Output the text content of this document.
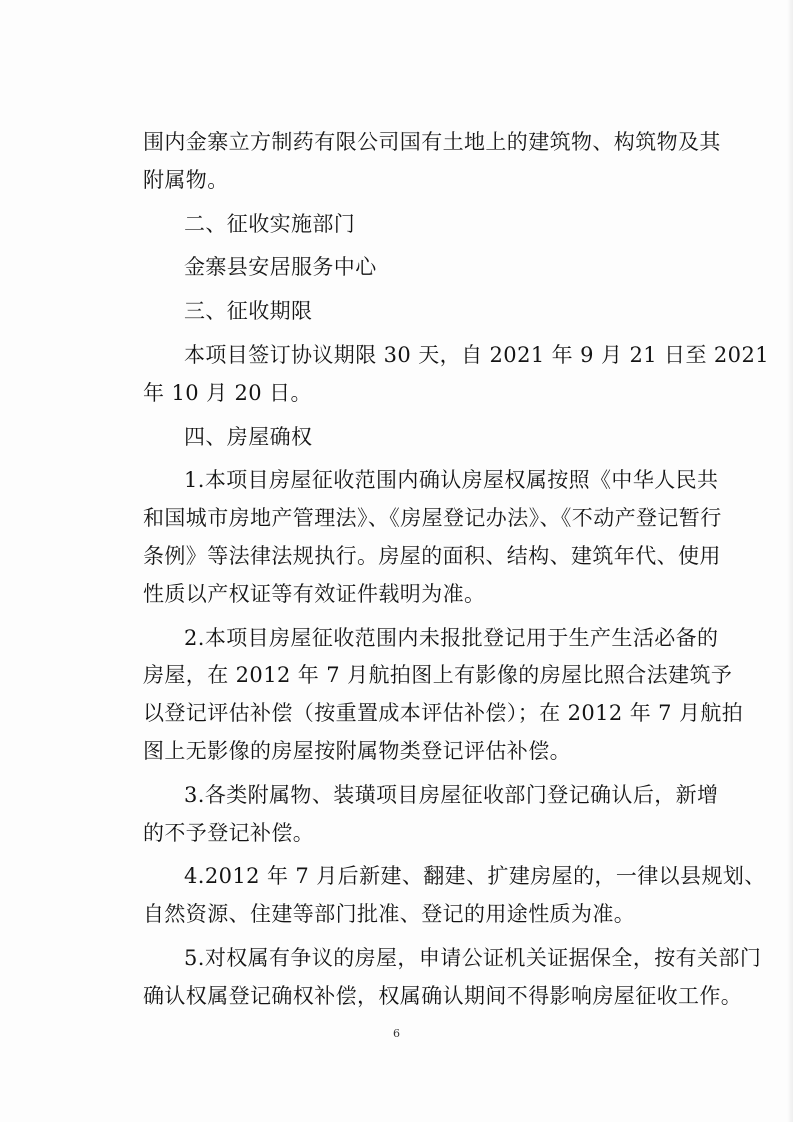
围内金寨立方制药有限公司国有土地上的建筑物、构筑物及其
附属物。
二、征收实施部门
金寨县安居服务中心
三、征收期限
本项目签订协议期限 30 天，自 2021 年 9 月 21 日至 2021
年 10 月 20 日。
四、房屋确权
1.本项目房屋征收范围内确认房屋权属按照《中华人民共
和国城市房地产管理法》、《房屋登记办法》、《不动产登记暂行
条例》等法律法规执行。房屋的面积、结构、建筑年代、使用
性质以产权证等有效证件载明为准。
2.本项目房屋征收范围内未报批登记用于生产生活必备的
房屋，在 2012 年 7 月航拍图上有影像的房屋比照合法建筑予
以登记评估补偿（按重置成本评估补偿）；在 2012 年 7 月航拍
图上无影像的房屋按附属物类登记评估补偿。
3.各类附属物、装璜项目房屋征收部门登记确认后，新增
的不予登记补偿。
4.2012 年 7 月后新建、翻建、扩建房屋的，一律以县规划、
自然资源、住建等部门批准、登记的用途性质为准。
5.对权属有争议的房屋，申请公证机关证据保全，按有关部门
确认权属登记确权补偿，权属确认期间不得影响房屋征收工作。
6
